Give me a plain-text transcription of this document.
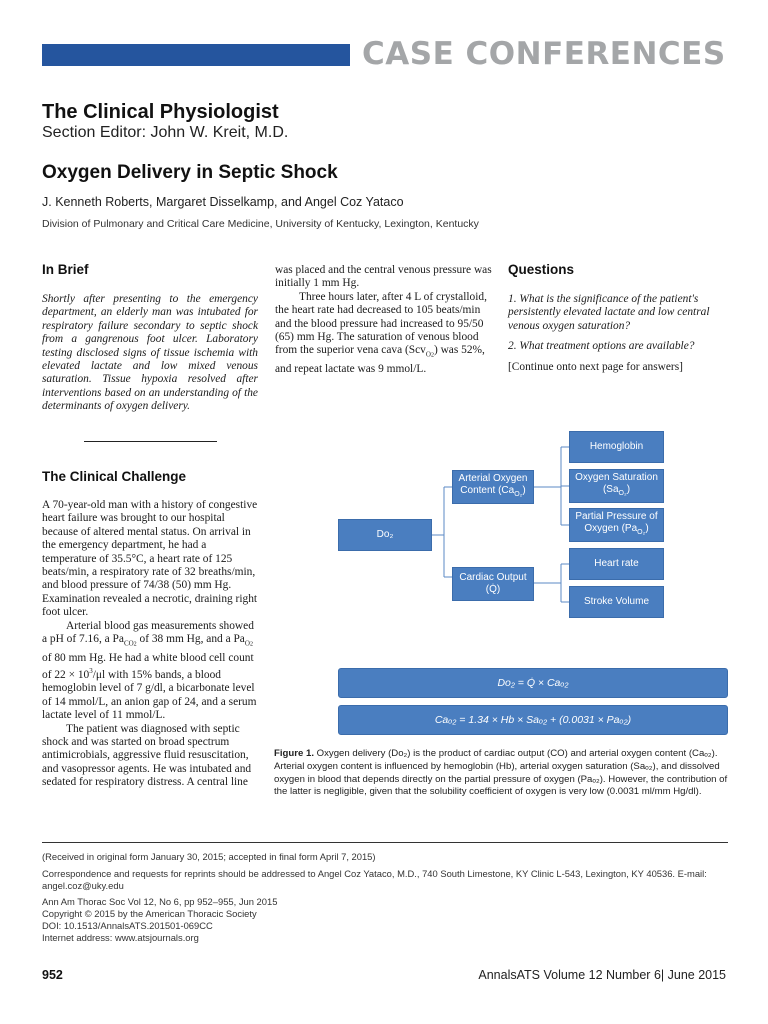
CASE CONFERENCES
The Clinical Physiologist
Section Editor: John W. Kreit, M.D.
Oxygen Delivery in Septic Shock
J. Kenneth Roberts, Margaret Disselkamp, and Angel Coz Yataco
Division of Pulmonary and Critical Care Medicine, University of Kentucky, Lexington, Kentucky
In Brief
Shortly after presenting to the emergency department, an elderly man was intubated for respiratory failure secondary to septic shock from a gangrenous foot ulcer. Laboratory testing disclosed signs of tissue ischemia with elevated lactate and low mixed venous saturation. Tissue hypoxia resolved after interventions based on an understanding of the determinants of oxygen delivery.
The Clinical Challenge

A 70-year-old man with a history of congestive heart failure was brought to our hospital because of altered mental status. On arrival in the emergency department, he had a temperature of 35.5°C, a heart rate of 125 beats/min, a respiratory rate of 32 breaths/min, and blood pressure of 74/38 (50) mm Hg. Examination revealed a necrotic, draining right foot ulcer.

Arterial blood gas measurements showed a pH of 7.16, a $Pa_{CO2}$ of 38 mm Hg, and a $Pa_{O2}$ of 80 mm Hg. He had a white blood cell count of $22 \times 10^3/\mu l$ with 15% bands, a blood hemoglobin level of 7 g/dl, a bicarbonate level of 14 mmol/L, an anion gap of 24, and a serum lactate level of 11 mmol/L.

The patient was diagnosed with septic shock and was started on broad spectrum antimicrobials, aggressive fluid resuscitation, and vasopressor agents. He was intubated and sedated for respiratory distress. A central line

was placed and the central venous pressure was initially 1 mm Hg.

Three hours later, after 4 L of crystalloid, the heart rate had decreased to 105 beats/min and the blood pressure had increased to 95/50 (65) mm Hg. The saturation of venous blood from the superior vena cava (Scv$_{O2}$) was 52%, and repeat lactate was 9 mmol/L.

Questions

1. What is the significance of the patient's persistently elevated lactate and low central venous oxygen saturation?

2. What treatment options are available?

[Continue onto next page for answers]

Do₂
Arterial Oxygen Content $(Ca_{O_2})$
Cardiac Output
(Q̇)
Hemoglobin
Oxygen Saturation
$(Sa_{O_2})$
Partial Pressure of
Oxygen $(Pa_{O_2})$
Heart rate
Stroke Volume
Do₂ = Q̇ × Caₒ₂
Caₒ₂ = 1.34 × Hb × Saₒ₂ + (0.0031 × Paₒ₂)
Figure 1. Oxygen delivery (Do₂) is the product of cardiac output (CO) and arterial oxygen content (Caₒ₂). Arterial oxygen content is influenced by hemoglobin (Hb), arterial oxygen saturation (Saₒ₂), and dissolved oxygen in blood that depends directly on the partial pressure of oxygen (Paₒ₂). However, the contribution of the latter is negligible, given that the solubility coefficient of oxygen is very low (0.0031 ml/mm Hg/dl).
(Received in original form January 30, 2015; accepted in final form April 7, 2015)
Correspondence and requests for reprints should be addressed to Angel Coz Yataco, M.D., 740 South Limestone, KY Clinic L-543, Lexington, KY 40536. E-mail: angel.coz@uky.edu
Ann Am Thorac Soc Vol 12, No 6, pp 952–955, Jun 2015
Copyright © 2015 by the American Thoracic Society
DOI: 10.1513/AnnalsATS.201501-069CC
Internet address: www.atsjournals.org
952	AnnalsATS Volume 12 Number 6| June 2015
